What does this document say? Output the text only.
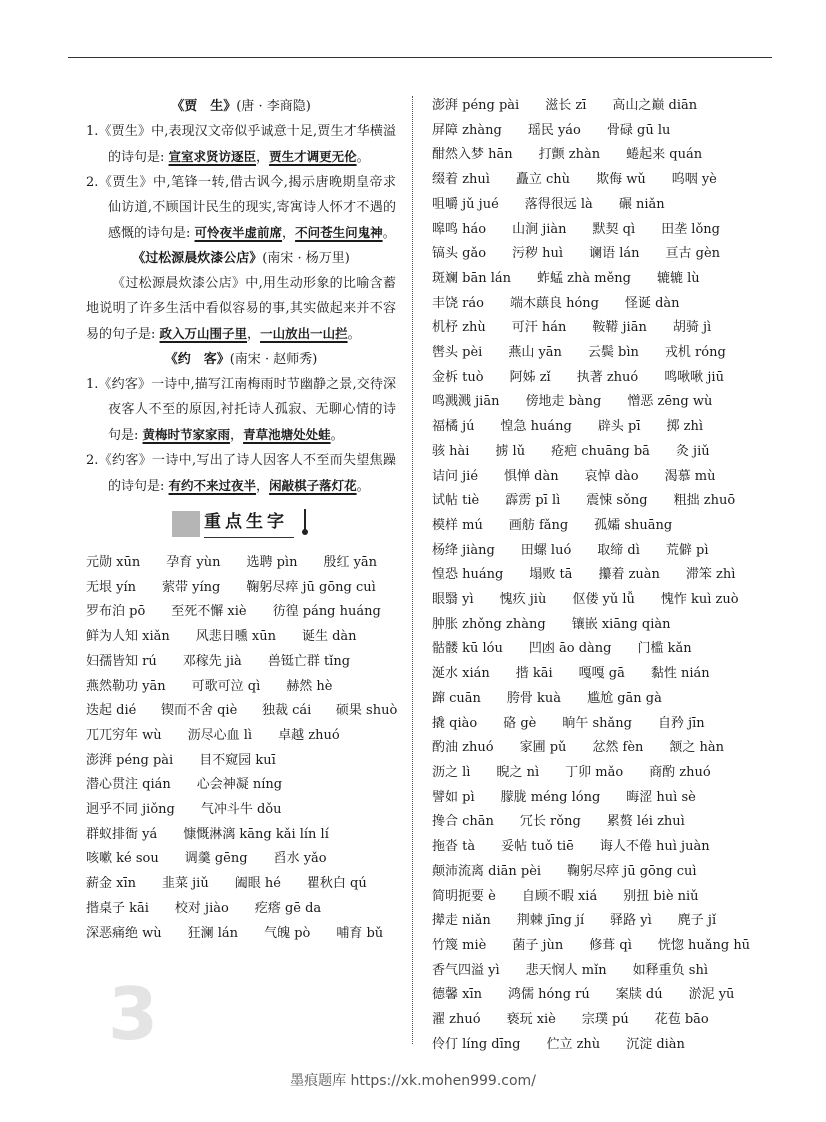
3
《贾　生》(唐 · 李商隐)
1.《贾生》中,表现汉文帝似乎诚意十足,贾生才华横溢的诗句是: 宣室求贤访逐臣，贾生才调更无伦。
2.《贾生》中,笔锋一转,借古讽今,揭示唐晚期皇帝求仙访道,不顾国计民生的现实,寄寓诗人怀才不遇的感慨的诗句是: 可怜夜半虚前席，不问苍生问鬼神。
《过松源晨炊漆公店》(南宋 · 杨万里)
《过松源晨炊漆公店》中,用生动形象的比喻含蓄地说明了许多生活中看似容易的事,其实做起来并不容易的句子是: 政入万山围子里，一山放出一山拦。
《约　客》(南宋 · 赵师秀)
1.《约客》一诗中,描写江南梅雨时节幽静之景,交待深夜客人不至的原因,衬托诗人孤寂、无聊心情的诗句是: 黄梅时节家家雨，青草池塘处处蛙。
2.《约客》一诗中,写出了诗人因客人不至而失望焦躁的诗句是: 有约不来过夜半，闲敲棋子落灯花。
重点生字
元勋 xūn 孕育 yùn 选聘 pìn 殷红 yān
无垠 yín 萦带 yíng 鞠躬尽瘁 jū gōng cuì
罗布泊 pō 至死不懈 xiè 彷徨 páng huáng
鲜为人知 xiǎn 风悲日曛 xūn 诞生 dàn
妇孺皆知 rú 邓稼先 jià 兽铤亡群 tǐng
燕然勒功 yān 可歌可泣 qì 赫然 hè
迭起 dié 锲而不舍 qiè 独裁 cái 硕果 shuò
兀兀穷年 wù 沥尽心血 lì 卓越 zhuó
澎湃 péng pài 目不窥园 kuī
潜心贯注 qián 心会神凝 níng
迥乎不同 jiǒng 气冲斗牛 dǒu
群蚁排衙 yá 慷慨淋漓 kāng kǎi lín lí
咳嗽 ké sou 调羹 gēng 舀水 yǎo
薪金 xīn 韭菜 jiǔ 阖眼 hé 瞿秋白 qú
揩桌子 kāi 校对 jiào 疙瘩 gē da
深恶痛绝 wù 狂澜 lán 气魄 pò 哺育 bǔ
澎湃 péng pài 滋长 zī 高山之巅 diān
屏障 zhàng 瑶民 yáo 骨碌 gū lu
酣然入梦 hān 打颤 zhàn 蜷起来 quán
缀着 zhuì 矗立 chù 欺侮 wǔ 呜咽 yè
咀嚼 jǔ jué 落得很远 là 碾 niǎn
嗥鸣 háo 山涧 jiàn 默契 qì 田垄 lǒng
镐头 gǎo 污秽 huì 谰语 lán 亘古 gèn
斑斓 bān lán 蚱蜢 zhà měng 辘辘 lù
丰饶 ráo 端木蕻良 hóng 怪诞 dàn
机杼 zhù 可汗 hán 鞍鞯 jiān 胡骑 jì
辔头 pèi 燕山 yān 云鬓 bìn 戎机 róng
金柝 tuò 阿姊 zǐ 执著 zhuó 鸣啾啾 jiū
鸣溅溅 jiān 傍地走 bàng 憎恶 zēng wù
福橘 jú 惶急 huáng 辟头 pī 掷 zhì
骇 hài 掳 lǔ 疮疤 chuāng bā 灸 jiǔ
诘问 jié 惧惮 dàn 哀悼 dào 渴慕 mù
试帖 tiè 霹雳 pī lì 震悚 sǒng 粗拙 zhuō
模样 mú 画舫 fǎng 孤孀 shuāng
杨绛 jiàng 田螺 luó 取缔 dì 荒僻 pì
惶恐 huáng 塌败 tā 攥着 zuàn 滞笨 zhì
眼翳 yì 愧疚 jiù 伛偻 yǔ lǚ 愧怍 kuì zuò
肿胀 zhǒng zhàng 镶嵌 xiāng qiàn
骷髅 kū lóu 凹凼 āo dàng 门槛 kǎn
涎水 xián 揩 kāi 嘎嘎 gā 黏性 nián
蹿 cuān 胯骨 kuà 尴尬 gān gà
撬 qiào 硌 gè 晌午 shǎng 自矜 jīn
酌油 zhuó 家圃 pǔ 忿然 fèn 颔之 hàn
沥之 lì 睨之 nì 丁卯 mǎo 商酌 zhuó
譬如 pì 朦胧 méng lóng 晦涩 huì sè
搀合 chān 冗长 rǒng 累赘 léi zhuì
拖沓 tà 妥帖 tuǒ tiē 诲人不倦 huì juàn
颠沛流离 diān pèi 鞠躬尽瘁 jū gōng cuì
简明扼要 è 自顾不暇 xiá 别扭 biè niǔ
撵走 niǎn 荆棘 jīng jí 驿路 yì 麂子 jǐ
竹篾 miè 菌子 jùn 修葺 qì 恍惚 huǎng hū
香气四溢 yì 悲天悯人 mǐn 如释重负 shì
德馨 xīn 鸿儒 hóng rú 案牍 dú 淤泥 yū
濯 zhuó 亵玩 xiè 宗璞 pú 花苞 bāo
伶仃 líng dīng 伫立 zhù 沉淀 diàn
墨痕题库 https://xk.mohen999.com/
